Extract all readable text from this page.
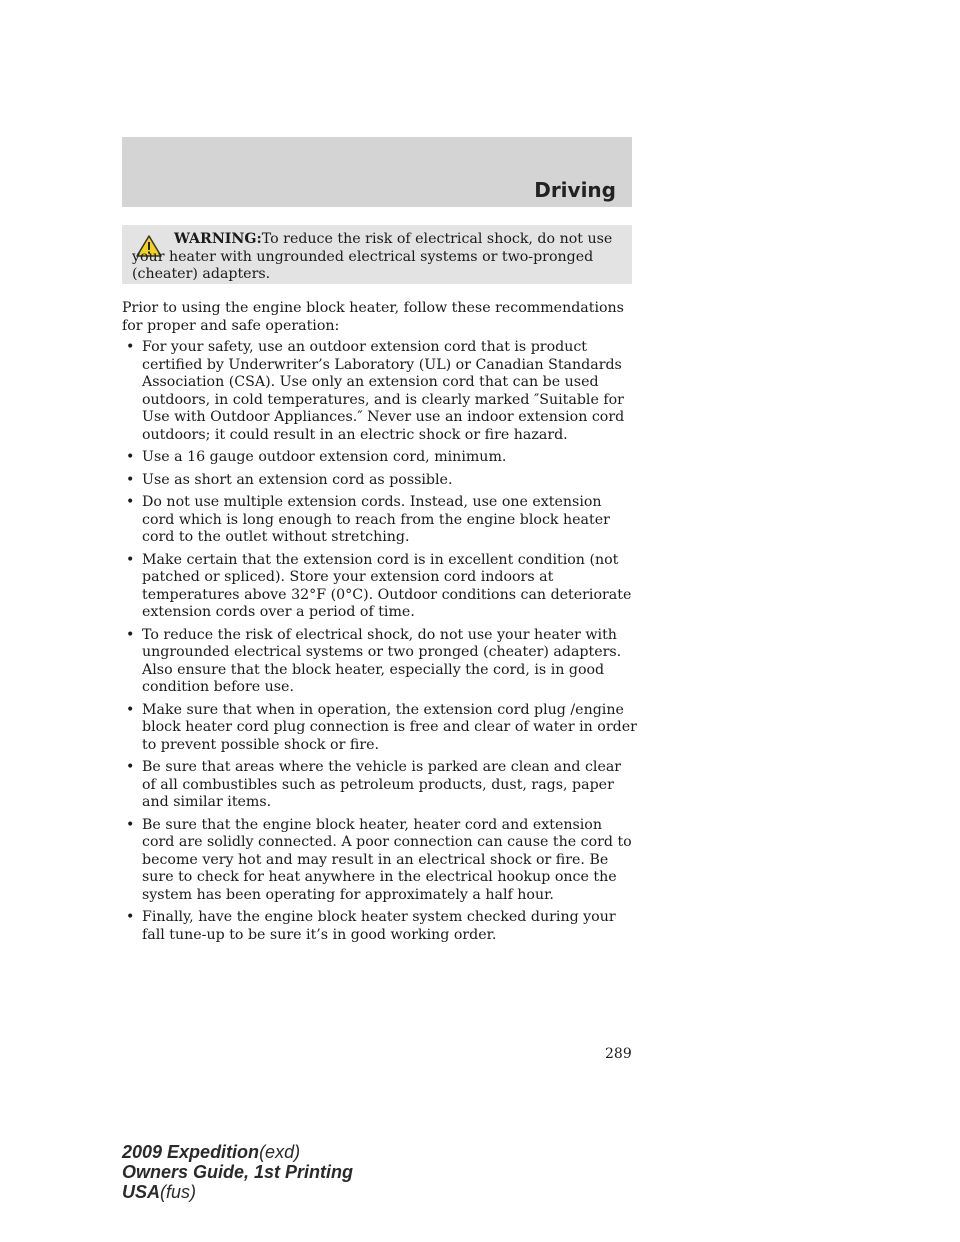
Driving
WARNING:To reduce the risk of electrical shock, do not use your heater with ungrounded electrical systems or two-pronged (cheater) adapters.

Prior to using the engine block heater, follow these recommendations for proper and safe operation:

• For your safety, use an outdoor extension cord that is product certified by Underwriter’s Laboratory (UL) or Canadian Standards Association (CSA). Use only an extension cord that can be used outdoors, in cold temperatures, and is clearly marked ″Suitable for Use with Outdoor Appliances.″ Never use an indoor extension cord outdoors; it could result in an electric shock or fire hazard.
• Use a 16 gauge outdoor extension cord, minimum.
• Use as short an extension cord as possible.
• Do not use multiple extension cords. Instead, use one extension cord which is long enough to reach from the engine block heater cord to the outlet without stretching.
• Make certain that the extension cord is in excellent condition (not patched or spliced). Store your extension cord indoors at temperatures above 32°F (0°C). Outdoor conditions can deteriorate extension cords over a period of time.
• To reduce the risk of electrical shock, do not use your heater with ungrounded electrical systems or two pronged (cheater) adapters. Also ensure that the block heater, especially the cord, is in good condition before use.
• Make sure that when in operation, the extension cord plug /engine block heater cord plug connection is free and clear of water in order to prevent possible shock or fire.
• Be sure that areas where the vehicle is parked are clean and clear of all combustibles such as petroleum products, dust, rags, paper and similar items.
• Be sure that the engine block heater, heater cord and extension cord are solidly connected. A poor connection can cause the cord to become very hot and may result in an electrical shock or fire. Be sure to check for heat anywhere in the electrical hookup once the system has been operating for approximately a half hour.
• Finally, have the engine block heater system checked during your fall tune-up to be sure it’s in good working order.
289
2009 Expedition(exd)
Owners Guide, 1st Printing
USA(fus)
